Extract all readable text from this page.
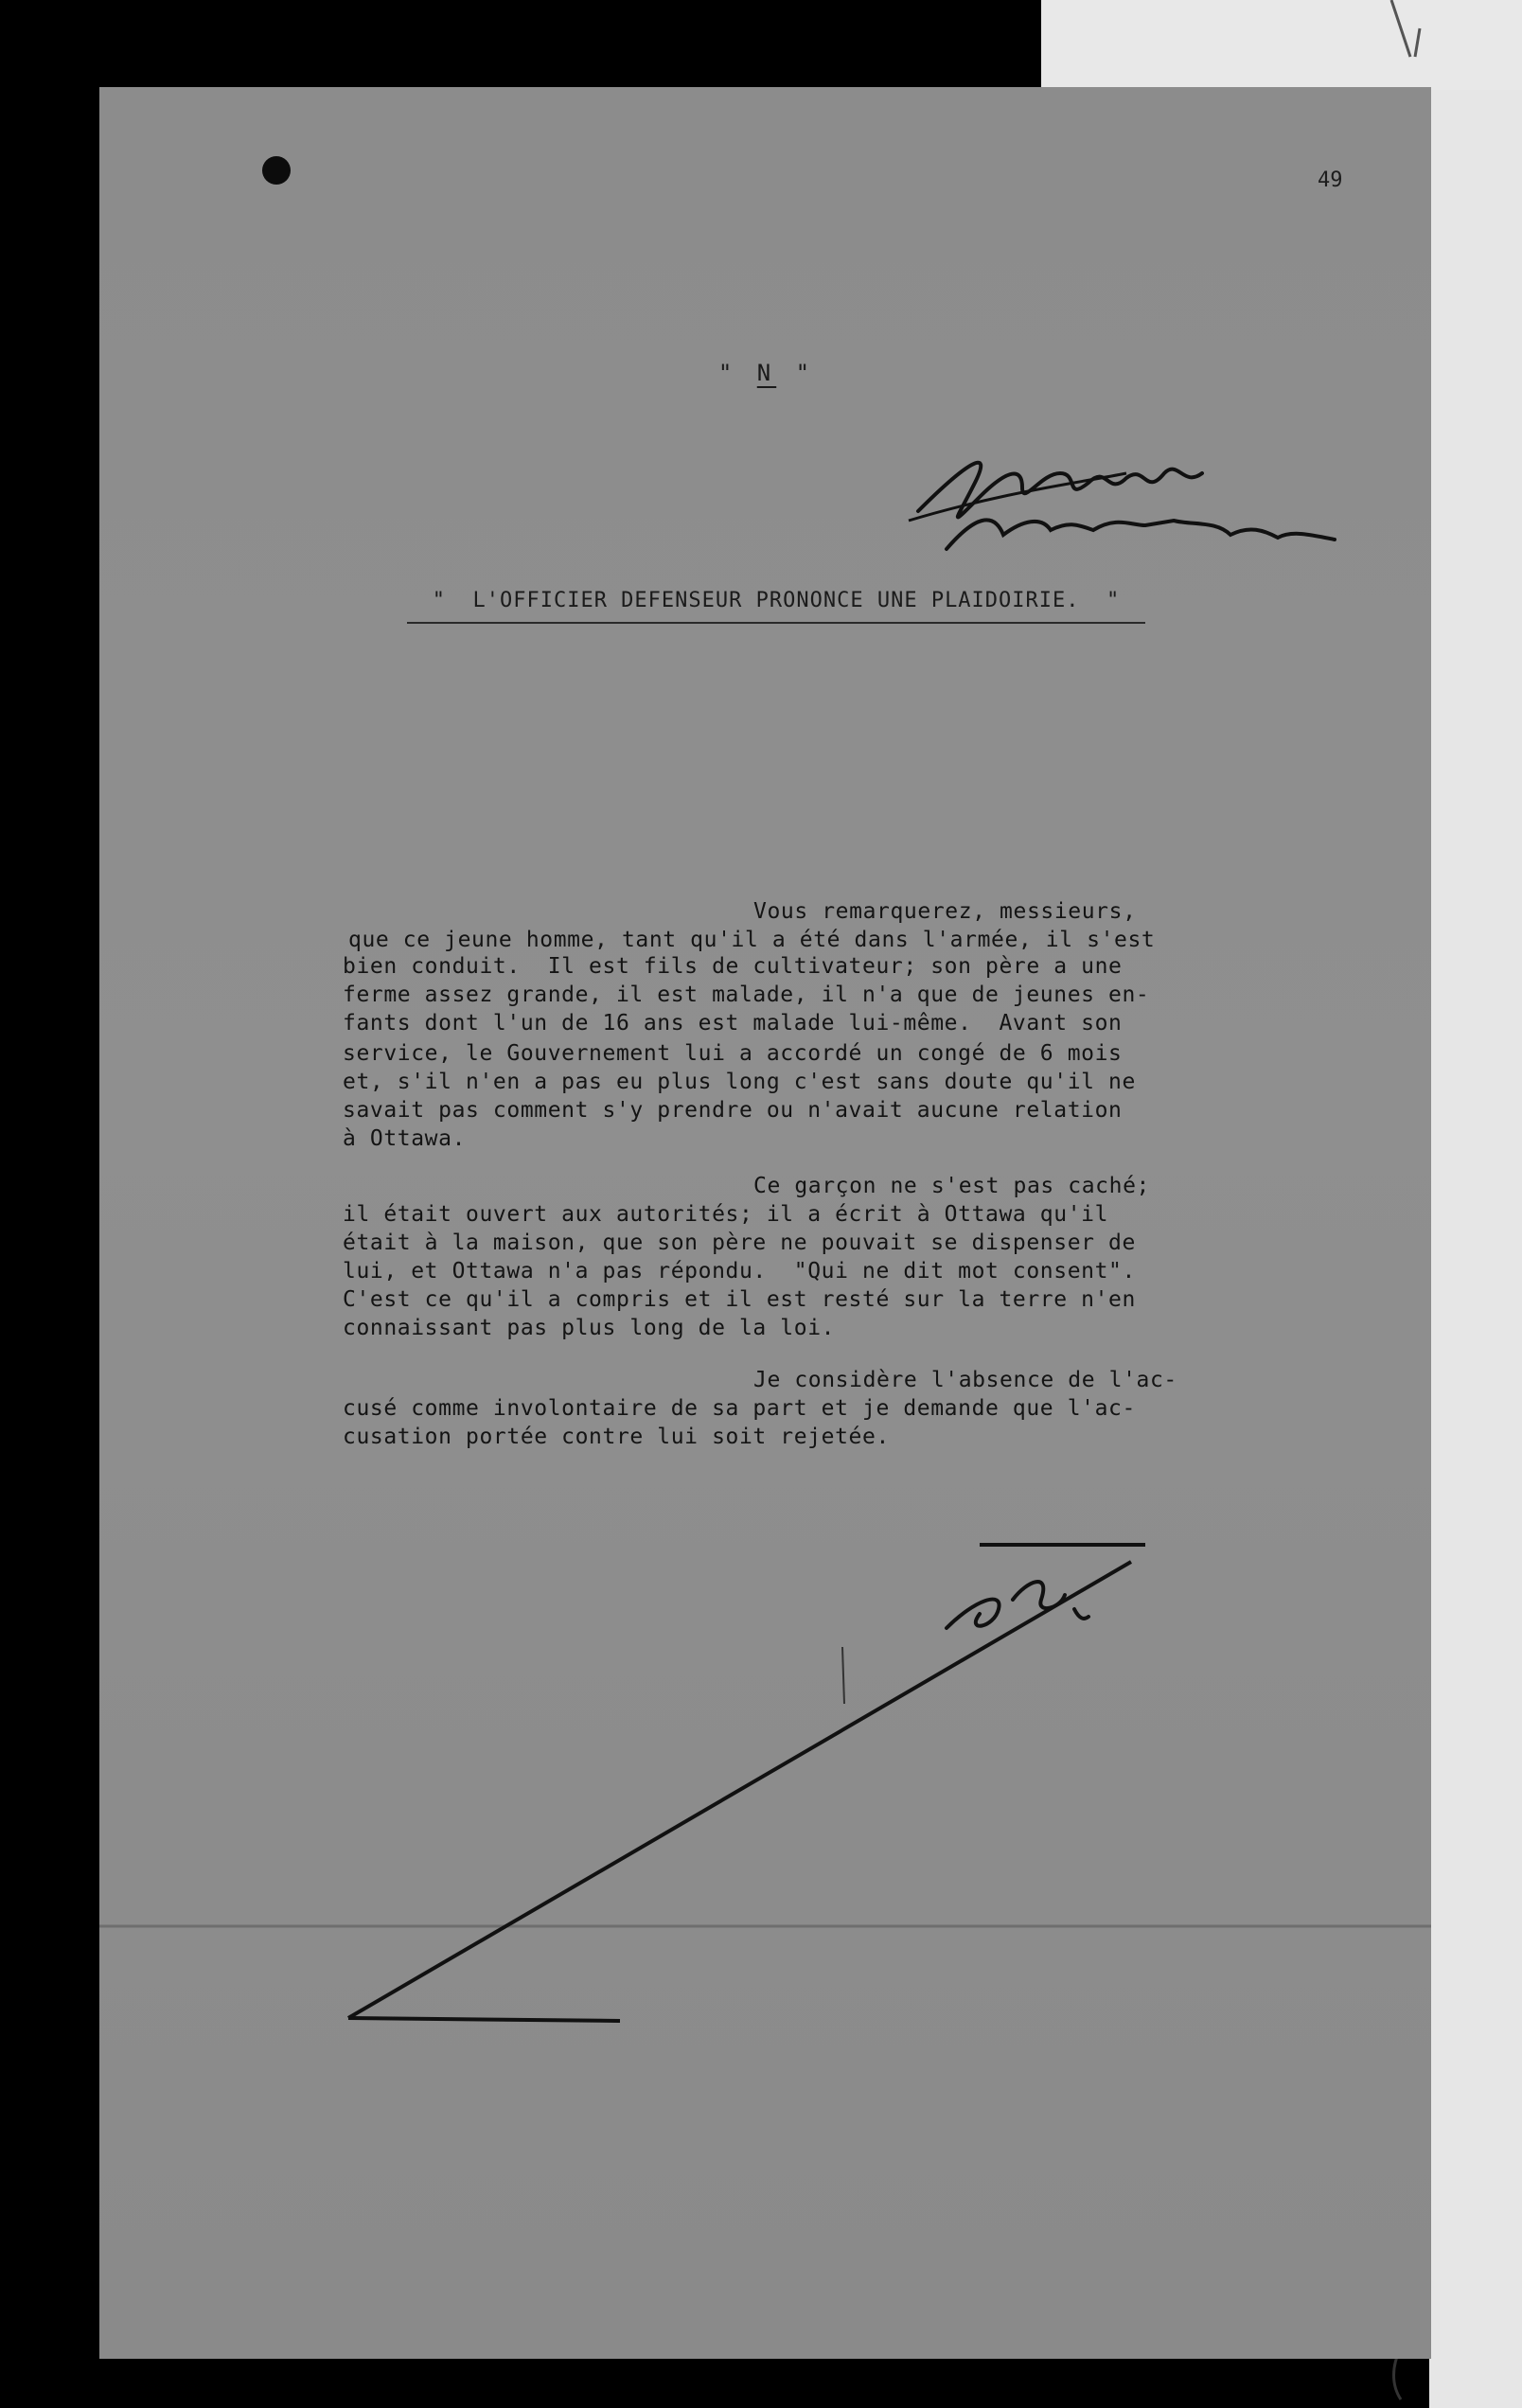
49
" N "
" L'OFFICIER DEFENSEUR PRONONCE UNE PLAIDOIRIE. "
Vous remarquerez, messieurs,
que ce jeune homme, tant qu'il a été dans l'armée, il s'est
bien conduit.  Il est fils de cultivateur; son père a une
ferme assez grande, il est malade, il n'a que de jeunes en-
fants dont l'un de 16 ans est malade lui-même.  Avant son
service, le Gouvernement lui a accordé un congé de 6 mois
et, s'il n'en a pas eu plus long c'est sans doute qu'il ne
savait pas comment s'y prendre ou n'avait aucune relation
à Ottawa.
Ce garçon ne s'est pas caché;
il était ouvert aux autorités; il a écrit à Ottawa qu'il
était à la maison, que son père ne pouvait se dispenser de
lui, et Ottawa n'a pas répondu.  "Qui ne dit mot consent".
C'est ce qu'il a compris et il est resté sur la terre n'en
connaissant pas plus long de la loi.
Je considère l'absence de l'ac-
cusé comme involontaire de sa part et je demande que l'ac-
cusation portée contre lui soit rejetée.
